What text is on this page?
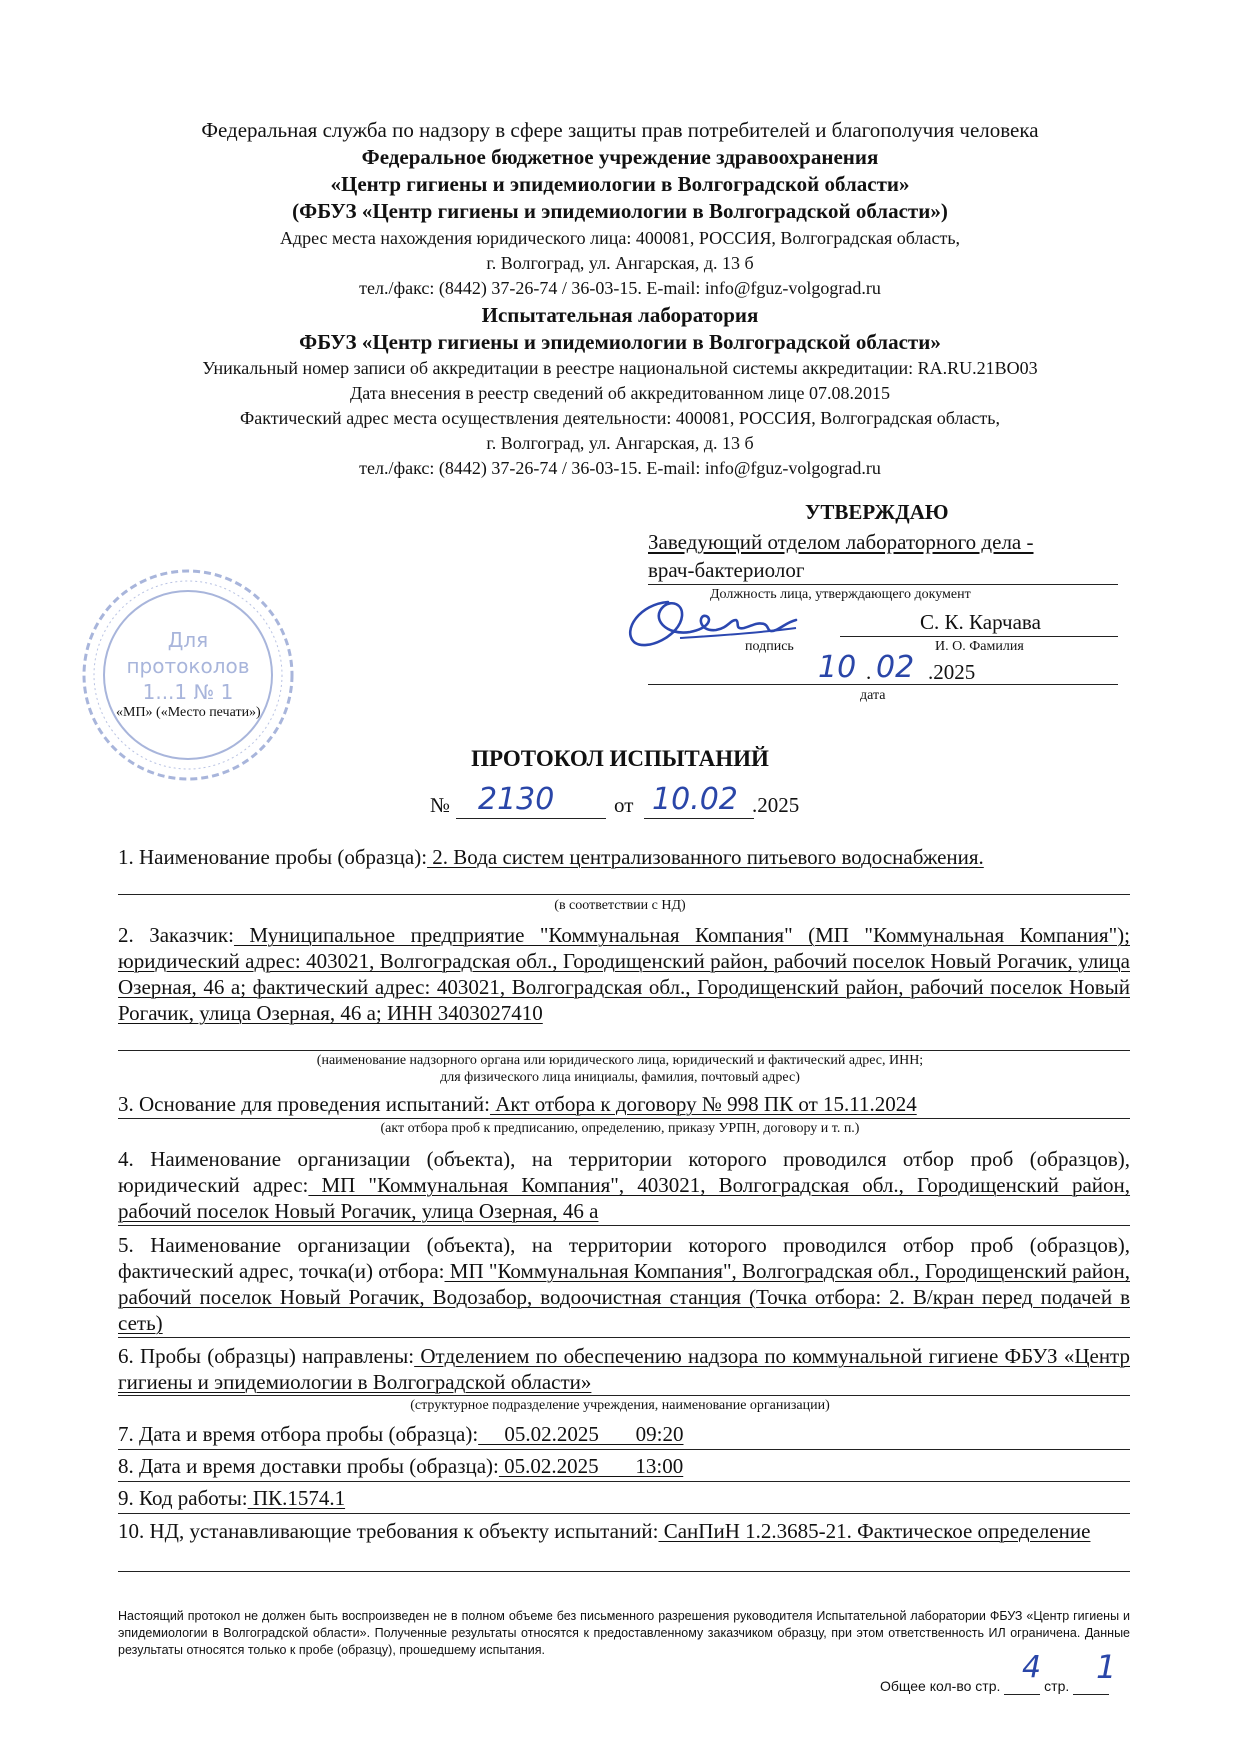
Федеральная служба по надзору в сфере защиты прав потребителей и благополучия человека
Федеральное бюджетное учреждение здравоохранения
«Центр гигиены и эпидемиологии в Волгоградской области»
(ФБУЗ «Центр гигиены и эпидемиологии в Волгоградской области»)
Адрес места нахождения юридического лица: 400081, РОССИЯ, Волгоградская область,
г. Волгоград, ул. Ангарская, д. 13 б
тел./факс: (8442) 37-26-74 / 36-03-15. E-mail: info@fguz-volgograd.ru
Испытательная лаборатория
ФБУЗ «Центр гигиены и эпидемиологии в Волгоградской области»
Уникальный номер записи об аккредитации в реестре национальной системы аккредитации: RA.RU.21ВО03
Дата внесения в реестр сведений об аккредитованном лице 07.08.2015
Фактический адрес места осуществления деятельности: 400081, РОССИЯ, Волгоградская область,
г. Волгоград, ул. Ангарская, д. 13 б
тел./факс: (8442) 37-26-74 / 36-03-15. E-mail: info@fguz-volgograd.ru
УТВЕРЖДАЮ
Заведующий отделом лабораторного дела -
врач-бактериолог
Должность лица, утверждающего документ
С. К. Карчава
подпись	И. О. Фамилия
10 . 02 .2025
дата
Для
протоколов
1...1 № 1
«МП» («Место печати»)
ПРОТОКОЛ ИСПЫТАНИЙ
№ 2130	от 10.02 .2025
1. Наименование пробы (образца): 2. Вода систем централизованного питьевого водоснабжения.
(в соответствии с НД)
2. Заказчик: Муниципальное предприятие "Коммунальная Компания" (МП "Коммунальная Компания"); юридический адрес: 403021, Волгоградская обл., Городищенский район, рабочий поселок Новый Рогачик, улица Озерная, 46 а; фактический адрес: 403021, Волгоградская обл., Городищенский район, рабочий поселок Новый Рогачик, улица Озерная, 46 а; ИНН 3403027410
(наименование надзорного органа или юридического лица, юридический и фактический адрес, ИНН;
для физического лица инициалы, фамилия, почтовый адрес)
3. Основание для проведения испытаний: Акт отбора к договору № 998 ПК от 15.11.2024
(акт отбора проб к предписанию, определению, приказу УРПН, договору и т. п.)
4. Наименование организации (объекта), на территории которого проводился отбор проб (образцов), юридический адрес: МП "Коммунальная Компания", 403021, Волгоградская обл., Городищенский район, рабочий поселок Новый Рогачик, улица Озерная, 46 а
5. Наименование организации (объекта), на территории которого проводился отбор проб (образцов), фактический адрес, точка(и) отбора: МП "Коммунальная Компания", Волгоградская обл., Городищенский район, рабочий поселок Новый Рогачик, Водозабор, водоочистная станция (Точка отбора: 2. В/кран перед подачей в сеть)
6. Пробы (образцы) направлены: Отделением по обеспечению надзора по коммунальной гигиене ФБУЗ «Центр гигиены и эпидемиологии в Волгоградской области»
(структурное подразделение учреждения, наименование организации)
7. Дата и время отбора пробы (образца):     05.02.2025       09:20
8. Дата и время доставки пробы (образца): 05.02.2025       13:00
9. Код работы: ПК.1574.1
10. НД, устанавливающие требования к объекту испытаний: СанПиН 1.2.3685-21. Фактическое определение
Настоящий протокол не должен быть воспроизведен не в полном объеме без письменного разрешения руководителя Испытательной лаборатории ФБУЗ «Центр гигиены и эпидемиологии в Волгоградской области». Полученные результаты относятся к предоставленному заказчиком образцу, при этом ответственность ИЛ ограничена. Данные результаты относятся только к пробе (образцу), прошедшему испытания.
Общее кол-во стр.	стр.
4 1
